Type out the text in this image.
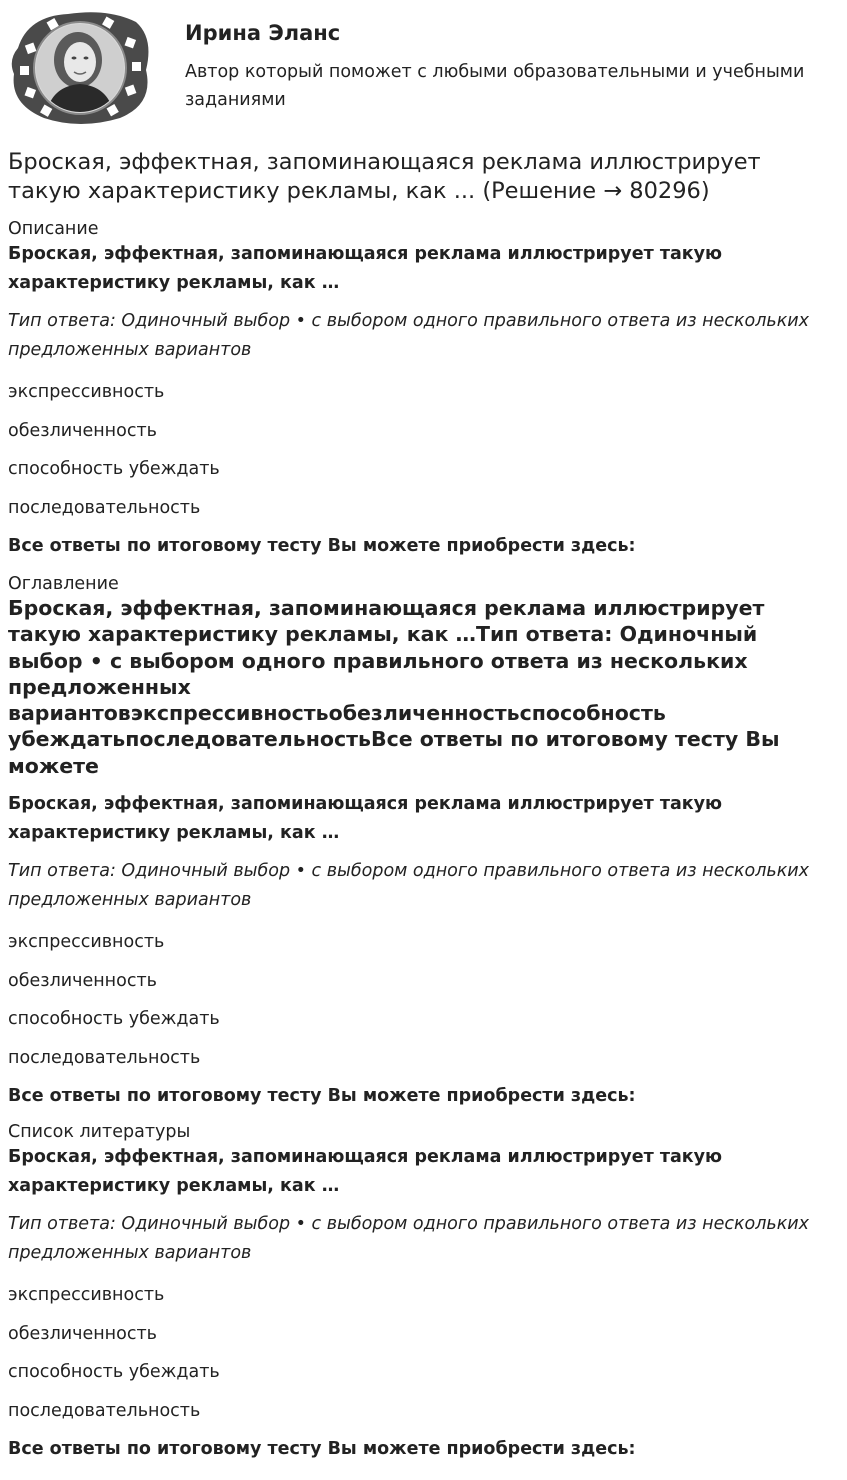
Ирина Эланс
Автор который поможет с любыми образовательными и учебными заданиями
Броская, эффектная, запоминающаяся реклама иллюстрирует такую характеристику рекламы, как ... (Решение → 80296)
Описание

Броская, эффектная, запоминающаяся реклама иллюстрирует такую характеристику рекламы, как …

Тип ответа: Одиночный выбор • с выбором одного правильного ответа из нескольких предложенных вариантов
экспрессивность
обезличенность
способность убеждать
последовательность
Все ответы по итоговому тесту Вы можете приобрести здесь:
Оглавление

Броская, эффектная, запоминающаяся реклама иллюстрирует такую характеристику рекламы, как …Тип ответа: Одиночный выбор • с выбором одного правильного ответа из нескольких предложенных вариантовэкспрессивностьобезличенностьспособность убеждатьпоследовательностьВсе ответы по итоговому тесту Вы можете

Броская, эффектная, запоминающаяся реклама иллюстрирует такую характеристику рекламы, как …

Тип ответа: Одиночный выбор • с выбором одного правильного ответа из нескольких предложенных вариантов
экспрессивность
обезличенность
способность убеждать
последовательность
Все ответы по итоговому тесту Вы можете приобрести здесь:
Список литературы

Броская, эффектная, запоминающаяся реклама иллюстрирует такую характеристику рекламы, как …

Тип ответа: Одиночный выбор • с выбором одного правильного ответа из нескольких предложенных вариантов
экспрессивность
обезличенность
способность убеждать
последовательность
Все ответы по итоговому тесту Вы можете приобрести здесь:
